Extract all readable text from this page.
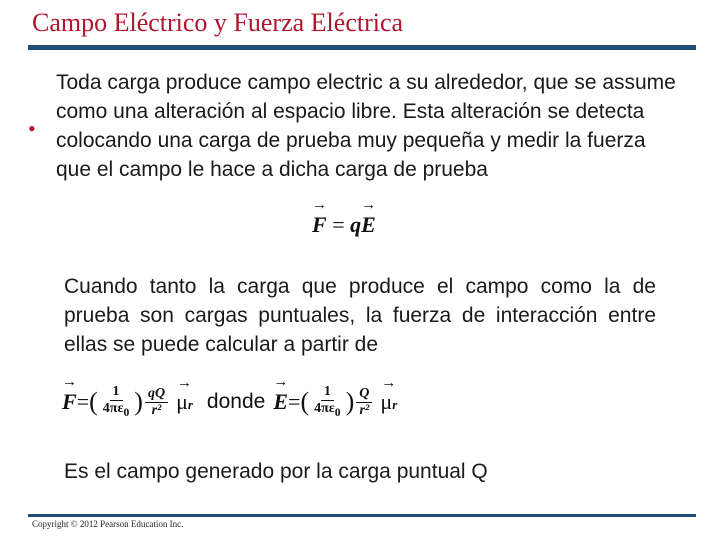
Campo Eléctrico y Fuerza Eléctrica
•

Toda carga produce campo electric a su alrededor, que se assume como una alteración al espacio libre. Esta alteración se detecta colocando una carga de prueba muy pequeña y medir la fuerza que el campo le hace a dicha carga de prueba

→ F = q→ E

Cuando tanto la carga que produce el campo como la de prueba son cargas puntuales, la fuerza de interacción entre ellas se puede calcular a partir de

→ F = ( $\frac{1}{4\pi\varepsilon_0}$ ) $\frac{qQ}{\text{r²}}$
→ μr donde
→ E = ( $\frac{1}{4\pi\varepsilon_0}$ ) $\frac{Q}{\text{r²}}$
→ μr

Es el campo generado por la carga puntual Q

Copyright © 2012 Pearson Education Inc.
